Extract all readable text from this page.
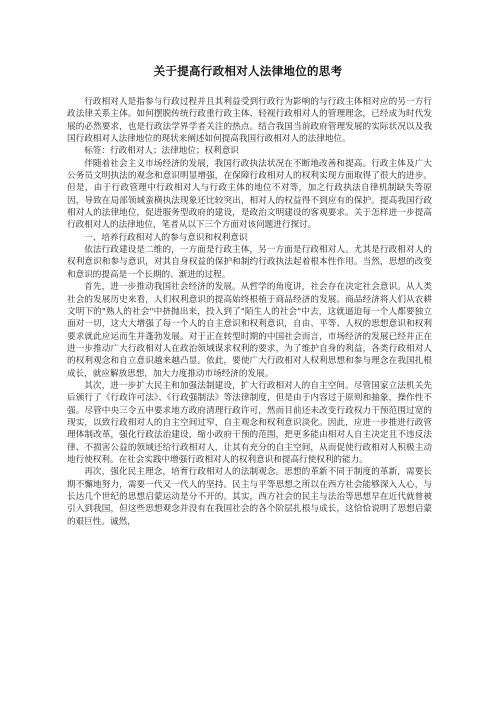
关于提高行政相对人法律地位的思考

行政相对人是指参与行政过程并且其利益受到行政行为影响的与行政主体相对应的另一方行政法律关系主体。如何摆脱传统行政重行政主体、轻视行政相对人的管理理念，已经成为时代发展的必然要求，也是行政法学界学者关注的热点。结合我国当前政府管理发展的实际状况以及我国行政相对人法律地位的现状来阐述如何提高我国行政相对人的法律地位。

标签：行政相对人；法律地位；权利意识

伴随着社会主义市场经济的发展，我国行政执法状况在不断地改善和提高。行政主体及广大公务员文明执法的观念和意识明显增强，在保障行政相对人的权利实现方面取得了很大的进步。但是，由于行政管理中行政相对人与行政主体的地位不对等，加之行政执法自律机制缺失等原因，导致在局部领域蛮横执法现象还比较突出，相对人的权益得不到应有的保护。提高我国行政相对人的法律地位，促进服务型政府的建设，是政治文明建设的客观要求。关于怎样进一步提高行政相对人的法律地位，笔者从以下三个方面对该问题进行探讨。

一、培养行政相对人的参与意识和权利意识

依法行政建设是二维的，一方面是行政主体，另一方面是行政相对人。尤其是行政相对人的权利意识和参与意识，对其自身权益的保护和制约行政执法起着根本性作用。当然，思想的改变和意识的提高是一个长期的、渐进的过程。

首先，进一步推动我国社会经济的发展。从哲学的角度讲，社会存在决定社会意识。从人类社会的发展历史来看，人们权利意识的提高始终根植于商品经济的发展。商品经济将人们从农耕文明下的"熟人的社会"中挤抛出来，投入到了"陌生人的社会"中去，这就逼迫每一个人都要独立面对一切，这大大增强了每一个人的自主意识和权利意识，自由、平等、人权的思想意识和权利要求就此应运而生并蓬勃发展。对于正在转型时期的中国社会而言，市场经济的发展已经并正在进一步推动广大行政相对人在政治领域谋求权利的要求，为了维护自身的利益，各类行政相对人的权利观念和自立意识越来越凸显。依此，要使广大行政相对人权利思想和参与理念在我国扎根成长，就应解放思想，加大力度推动市场经济的发展。

其次，进一步扩大民主和加强法制建设，扩大行政相对人的自主空间。尽管国家立法机关先后颁行了《行政许可法》、《行政强制法》等法律制度，但是由于内容过于原则和抽象，操作性不强。尽管中央三令五申要求地方政府清理行政许可，然而目前还未改变行政权力干预范围过宽的现实，以致行政相对人的自主空间过窄，自主观念和权利意识淡化。因此，应进一步推进行政管理体制改革，强化行政法治建设，缩小政府干预的范围，把更多能由相对人自主决定且不违反法律、不损害公益的领域还给行政相对人，让其有充分的自主空间，从而促使行政相对人积极主动地行使权利。在社会实践中增强行政相对人的权利意识和提高行使权利的能力。

再次，强化民主理念，培育行政相对人的法制观念。思想的革新不同于制度的革新，需要长期不懈地努力，需要一代又一代人的坚持。民主与平等思想之所以在西方社会能够深入人心，与长达几个世纪的思想启蒙运动是分不开的。其实，西方社会的民主与法治等思想早在近代就曾被引入到我国，但这些思想观念并没有在我国社会的各个阶层扎根与成长，这恰恰说明了思想启蒙的艰巨性。诚然，
